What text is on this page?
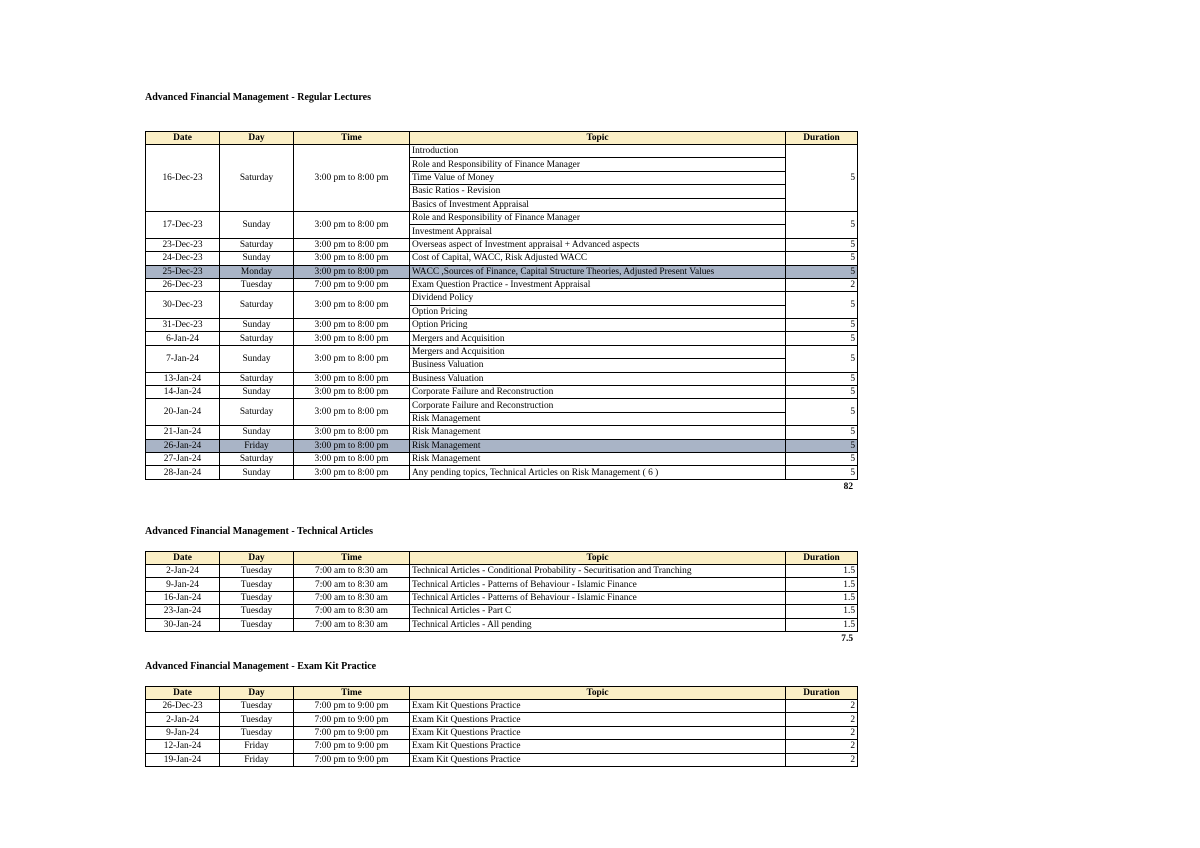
Advanced Financial Management - Regular Lectures
Date	Day	Time	Topic	Duration
16-Dec-23	Saturday	3:00 pm to 8:00 pm	Introduction	5
			Role and Responsibility of Finance Manager	
			Time Value of Money	
			Basic Ratios - Revision	
			Basics of Investment Appraisal	
17-Dec-23	Sunday	3:00 pm to 8:00 pm	Role and Responsibility of Finance Manager	5
			Investment Appraisal	
23-Dec-23	Saturday	3:00 pm to 8:00 pm	Overseas aspect of Investment appraisal + Advanced aspects	5
24-Dec-23	Sunday	3:00 pm to 8:00 pm	Cost of Capital, WACC, Risk Adjusted WACC	5
25-Dec-23	Monday	3:00 pm to 8:00 pm	WACC ,Sources of Finance, Capital Structure Theories, Adjusted Present Values	5
26-Dec-23	Tuesday	7:00 pm to 9:00 pm	Exam Question Practice - Investment Appraisal	2
30-Dec-23	Saturday	3:00 pm to 8:00 pm	Dividend Policy	5
			Option Pricing	
31-Dec-23	Sunday	3:00 pm to 8:00 pm	Option Pricing	5
6-Jan-24	Saturday	3:00 pm to 8:00 pm	Mergers and Acquisition	5
7-Jan-24	Sunday	3:00 pm to 8:00 pm	Mergers and Acquisition	5
			Business Valuation	
13-Jan-24	Saturday	3:00 pm to 8:00 pm	Business Valuation	5
14-Jan-24	Sunday	3:00 pm to 8:00 pm	Corporate Failure and Reconstruction	5
20-Jan-24	Saturday	3:00 pm to 8:00 pm	Corporate Failure and Reconstruction	5
			Risk Management	
21-Jan-24	Sunday	3:00 pm to 8:00 pm	Risk Management	5
26-Jan-24	Friday	3:00 pm to 8:00 pm	Risk Management	5
27-Jan-24	Saturday	3:00 pm to 8:00 pm	Risk Management	5
28-Jan-24	Sunday	3:00 pm to 8:00 pm	Any pending topics, Technical Articles on Risk Management ( 6 )	5
82
Advanced Financial Management - Technical Articles
Date	Day	Time	Topic	Duration
2-Jan-24	Tuesday	7:00 am to 8:30 am	Technical Articles - Conditional Probability - Securitisation and Tranching	1.5
9-Jan-24	Tuesday	7:00 am to 8:30 am	Technical Articles - Patterns of Behaviour - Islamic Finance	1.5
16-Jan-24	Tuesday	7:00 am to 8:30 am	Technical Articles - Patterns of Behaviour - Islamic Finance	1.5
23-Jan-24	Tuesday	7:00 am to 8:30 am	Technical Articles - Part C	1.5
30-Jan-24	Tuesday	7:00 am to 8:30 am	Technical Articles - All pending	1.5
7.5
Advanced Financial Management - Exam Kit Practice
Date	Day	Time	Topic	Duration
26-Dec-23	Tuesday	7:00 pm to 9:00 pm	Exam Kit Questions Practice	2
2-Jan-24	Tuesday	7:00 pm to 9:00 pm	Exam Kit Questions Practice	2
9-Jan-24	Tuesday	7:00 pm to 9:00 pm	Exam Kit Questions Practice	2
12-Jan-24	Friday	7:00 pm to 9:00 pm	Exam Kit Questions Practice	2
19-Jan-24	Friday	7:00 pm to 9:00 pm	Exam Kit Questions Practice	2
